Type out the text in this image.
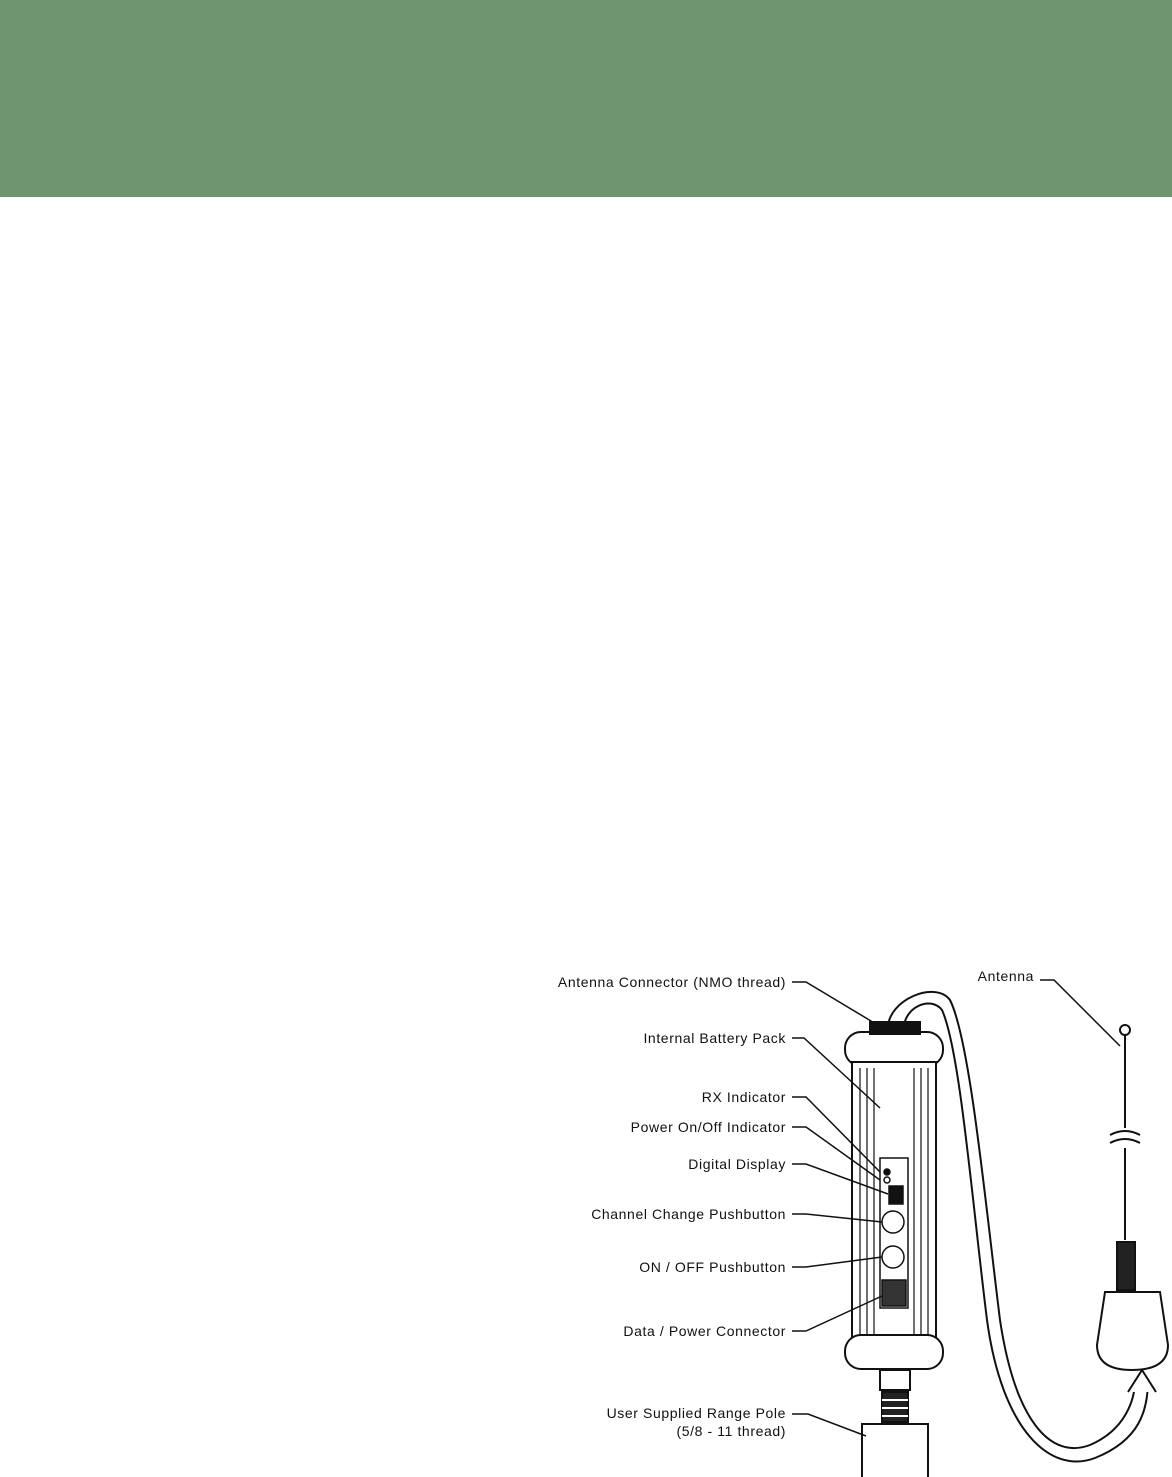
Antenna Connector (NMO thread)
Internal Battery Pack
RX Indicator
Power On/Off Indicator
Digital Display
Channel Change Pushbutton
ON / OFF Pushbutton
Data / Power Connector
User Supplied Range Pole
(5/8 - 11 thread)
Antenna
